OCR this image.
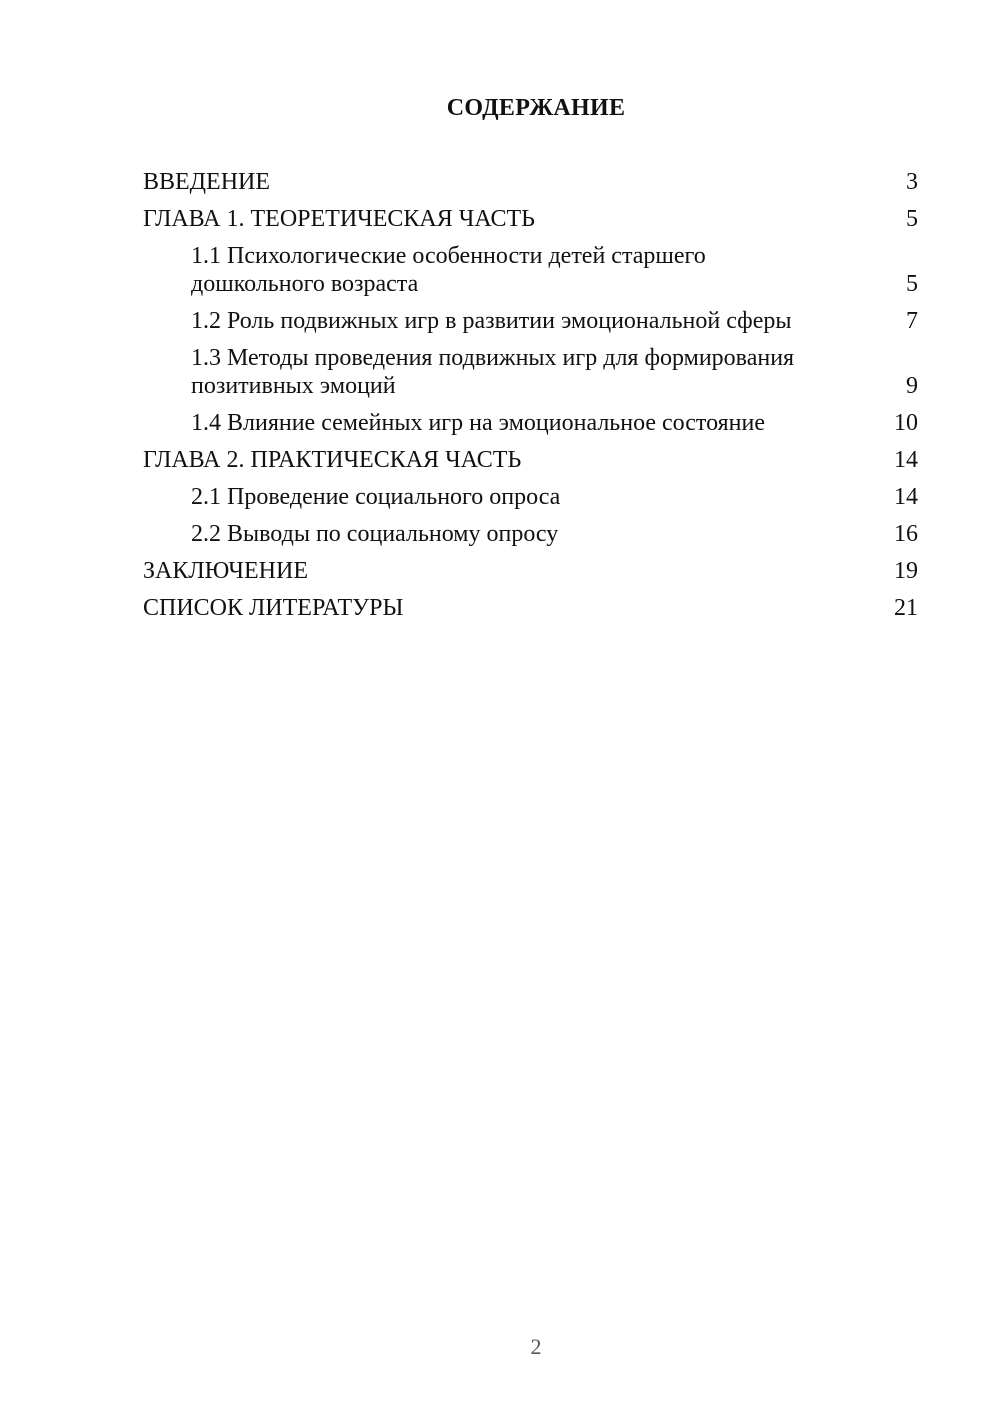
СОДЕРЖАНИЕ
ВВЕДЕНИЕ	3
ГЛАВА 1. ТЕОРЕТИЧЕСКАЯ ЧАСТЬ	5
1.1 Психологические особенности детей старшего дошкольного возраста	5
1.2 Роль подвижных игр в развитии эмоциональной сферы	7
1.3 Методы проведения подвижных игр для формирования позитивных эмоций	9
1.4 Влияние семейных игр на эмоциональное состояние	10
ГЛАВА 2. ПРАКТИЧЕСКАЯ ЧАСТЬ	14
2.1 Проведение социального опроса	14
2.2 Выводы по социальному опросу	16
ЗАКЛЮЧЕНИЕ	19
СПИСОК ЛИТЕРАТУРЫ	21
2
